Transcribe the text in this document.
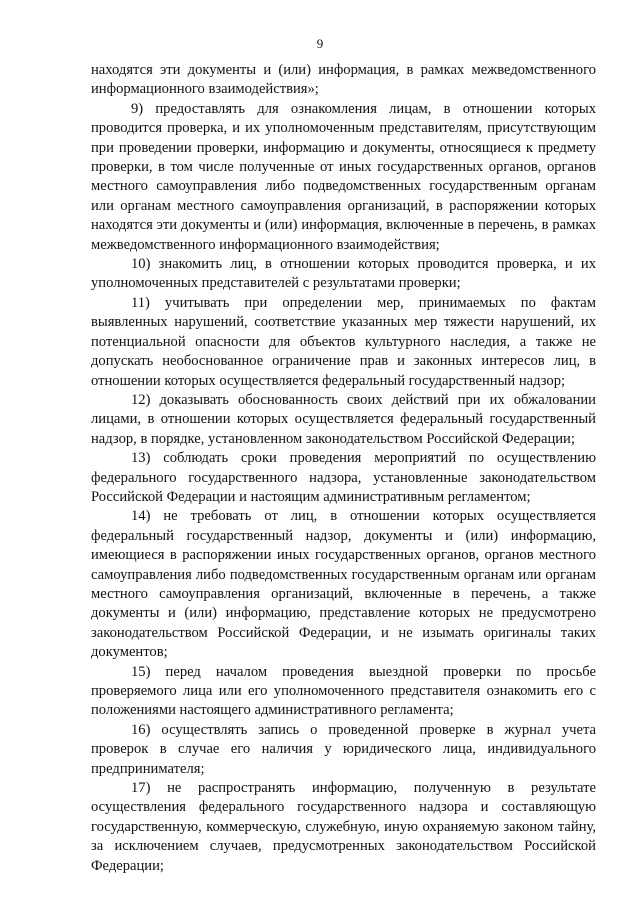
9

находятся эти документы и (или) информация, в рамках межведомственного информационного взаимодействия»;

9) предоставлять для ознакомления лицам, в отношении которых проводится проверка, и их уполномоченным представителям, присутствующим при проведении проверки, информацию и документы, относящиеся к предмету проверки, в том числе полученные от иных государственных органов, органов местного самоуправления либо подведомственных государственным органам или органам местного самоуправления организаций, в распоряжении которых находятся эти документы и (или) информация, включенные в перечень, в рамках межведомственного информационного взаимодействия;

10) знакомить лиц, в отношении которых проводится проверка, и их уполномоченных представителей с результатами проверки;

11) учитывать при определении мер, принимаемых по фактам выявленных нарушений, соответствие указанных мер тяжести нарушений, их потенциальной опасности для объектов культурного наследия, а также не допускать необоснованное ограничение прав и законных интересов лиц, в отношении которых осуществляется федеральный государственный надзор;

12) доказывать обоснованность своих действий при их обжаловании лицами, в отношении которых осуществляется федеральный государственный надзор, в порядке, установленном законодательством Российской Федерации;

13) соблюдать сроки проведения мероприятий по осуществлению федерального государственного надзора, установленные законодательством Российской Федерации и настоящим административным регламентом;

14) не требовать от лиц, в отношении которых осуществляется федеральный государственный надзор, документы и (или) информацию, имеющиеся в распоряжении иных государственных органов, органов местного самоуправления либо подведомственных государственным органам или органам местного самоуправления организаций, включенные в перечень, а также документы и (или) информацию, представление которых не предусмотрено законодательством Российской Федерации, и не изымать оригиналы таких документов;

15) перед началом проведения выездной проверки по просьбе проверяемого лица или его уполномоченного представителя ознакомить его с положениями настоящего административного регламента;

16) осуществлять запись о проведенной проверке в журнал учета проверок в случае его наличия у юридического лица, индивидуального предпринимателя;

17) не распространять информацию, полученную в результате осуществления федерального государственного надзора и составляющую государственную, коммерческую, служебную, иную охраняемую законом тайну, за исключением случаев, предусмотренных законодательством Российской Федерации;
